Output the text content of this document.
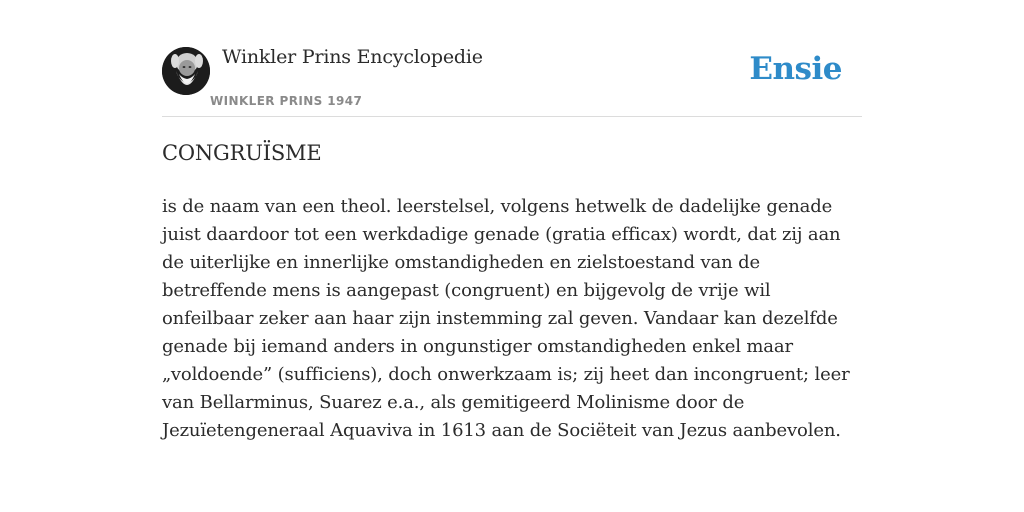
Winkler Prins Encyclopedie
WINKLER PRINS 1947
Ensie
CONGRUÏSME

is de naam van een theol. leerstelsel, volgens hetwelk de dadelijke genade juist daardoor tot een werkdadige genade (gratia efficax) wordt, dat zij aan de uiterlijke en innerlijke omstandigheden en zielstoestand van de betreffende mens is aangepast (congruent) en bijgevolg de vrije wil onfeilbaar zeker aan haar zijn instemming zal geven. Vandaar kan dezelfde genade bij iemand anders in ongunstiger omstandigheden enkel maar „voldoende” (sufficiens), doch onwerkzaam is; zij heet dan incongruent; leer van Bellarminus, Suarez e.a., als gemitigeerd Molinisme door de Jezuïetengeneraal Aquaviva in 1613 aan de Sociëteit van Jezus aanbevolen.
